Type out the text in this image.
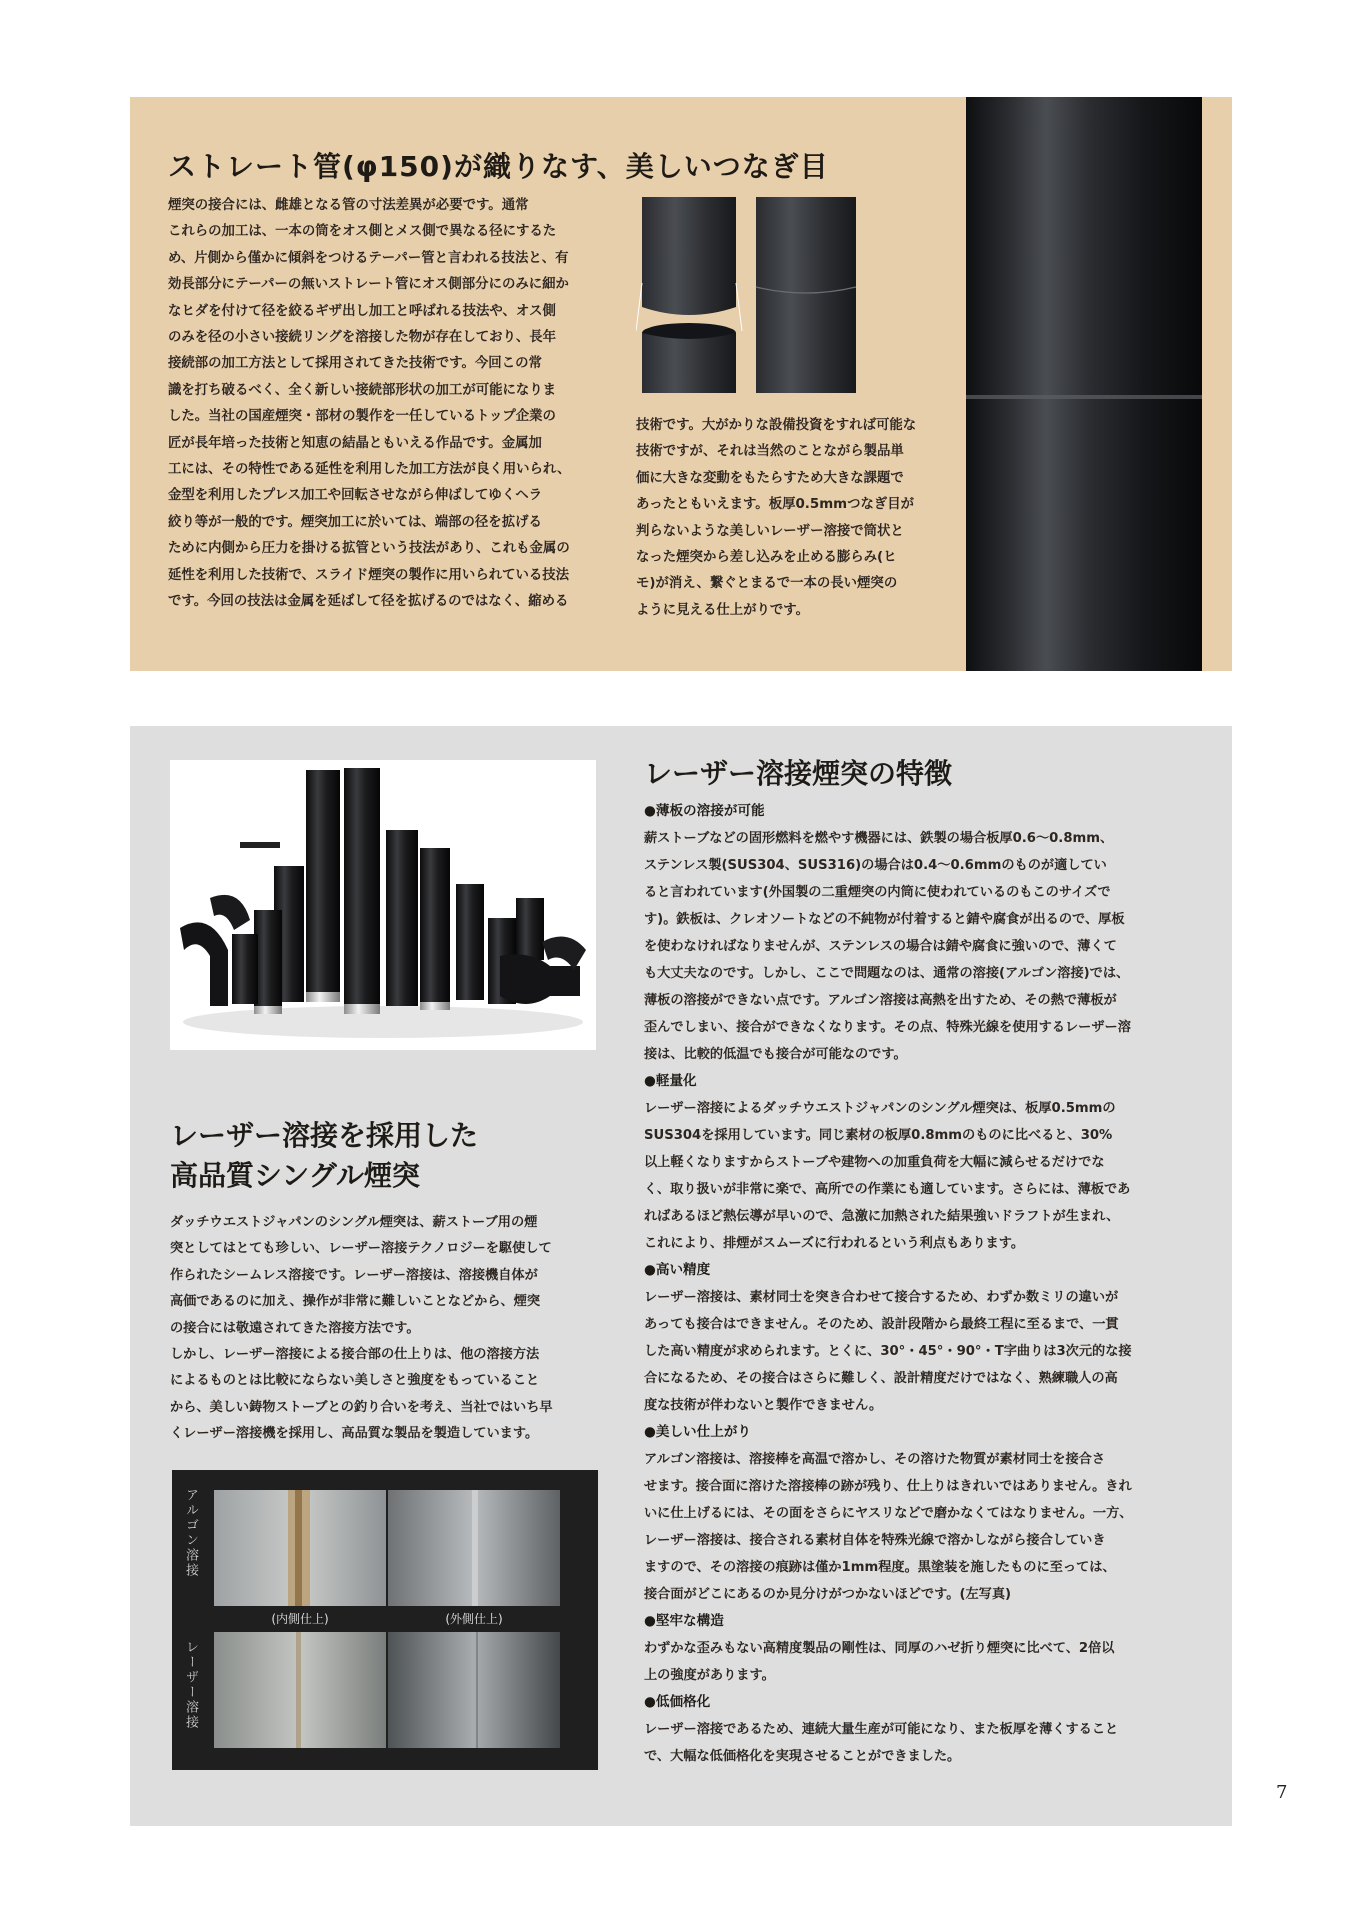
ストレート管(φ150)が織りなす、美しいつなぎ目

煙突の接合には、雌雄となる管の寸法差異が必要です。通常
これらの加工は、一本の筒をオス側とメス側で異なる径にするた
め、片側から僅かに傾斜をつけるテーパー管と言われる技法と、有
効長部分にテーパーの無いストレート管にオス側部分にのみに細か
なヒダを付けて径を絞るギザ出し加工と呼ばれる技法や、オス側
のみを径の小さい接続リングを溶接した物が存在しており、長年
接続部の加工方法として採用されてきた技術です。今回この常
識を打ち破るべく、全く新しい接続部形状の加工が可能になりま
した。当社の国産煙突・部材の製作を一任しているトップ企業の
匠が長年培った技術と知恵の結晶ともいえる作品です。金属加
工には、その特性である延性を利用した加工方法が良く用いられ、
金型を利用したプレス加工や回転させながら伸ばしてゆくヘラ
絞り等が一般的です。煙突加工に於いては、端部の径を拡げる
ために内側から圧力を掛ける拡管という技法があり、これも金属の
延性を利用した技術で、スライド煙突の製作に用いられている技法
です。今回の技法は金属を延ばして径を拡げるのではなく、縮める

技術です。大がかりな設備投資をすれば可能な
技術ですが、それは当然のことながら製品単
価に大きな変動をもたらすため大きな課題で
あったともいえます。板厚0.5mmつなぎ目が
判らないような美しいレーザー溶接で筒状と
なった煙突から差し込みを止める膨らみ(ヒ
モ)が消え、繋ぐとまるで一本の長い煙突の
ように見える仕上がりです。

レーザー溶接を採用した
高品質シングル煙突

ダッチウエストジャパンのシングル煙突は、薪ストーブ用の煙
突としてはとても珍しい、レーザー溶接テクノロジーを駆使して
作られたシームレス溶接です。レーザー溶接は、溶接機自体が
高価であるのに加え、操作が非常に難しいことなどから、煙突
の接合には敬遠されてきた溶接方法です。
しかし、レーザー溶接による接合部の仕上りは、他の溶接方法
によるものとは比較にならない美しさと強度をもっていること
から、美しい鋳物ストーブとの釣り合いを考え、当社ではいち早
くレーザー溶接機を採用し、高品質な製品を製造しています。

アルゴン溶接
レーザー溶接
(内側仕上)	(外側仕上)
レーザー溶接煙突の特徴
●薄板の溶接が可能
薪ストーブなどの固形燃料を燃やす機器には、鉄製の場合板厚0.6〜0.8mm、
ステンレス製(SUS304、SUS316)の場合は0.4〜0.6mmのものが適してい
ると言われています(外国製の二重煙突の内筒に使われているのもこのサイズで
す)。鉄板は、クレオソートなどの不純物が付着すると錆や腐食が出るので、厚板
を使わなければなりませんが、ステンレスの場合は錆や腐食に強いので、薄くて
も大丈夫なのです。しかし、ここで問題なのは、通常の溶接(アルゴン溶接)では、
薄板の溶接ができない点です。アルゴン溶接は高熱を出すため、その熱で薄板が
歪んでしまい、接合ができなくなります。その点、特殊光線を使用するレーザー溶
接は、比較的低温でも接合が可能なのです。
●軽量化
レーザー溶接によるダッチウエストジャパンのシングル煙突は、板厚0.5mmの
SUS304を採用しています。同じ素材の板厚0.8mmのものに比べると、30%
以上軽くなりますからストーブや建物への加重負荷を大幅に減らせるだけでな
く、取り扱いが非常に楽で、高所での作業にも適しています。さらには、薄板であ
ればあるほど熱伝導が早いので、急激に加熱された結果強いドラフトが生まれ、
これにより、排煙がスムーズに行われるという利点もあります。
●高い精度
レーザー溶接は、素材同士を突き合わせて接合するため、わずか数ミリの違いが
あっても接合はできません。そのため、設計段階から最終工程に至るまで、一貫
した高い精度が求められます。とくに、30°・45°・90°・T字曲りは3次元的な接
合になるため、その接合はさらに難しく、設計精度だけではなく、熟練職人の高
度な技術が伴わないと製作できません。
●美しい仕上がり
アルゴン溶接は、溶接棒を高温で溶かし、その溶けた物質が素材同士を接合さ
せます。接合面に溶けた溶接棒の跡が残り、仕上りはきれいではありません。きれ
いに仕上げるには、その面をさらにヤスリなどで磨かなくてはなりません。一方、
レーザー溶接は、接合される素材自体を特殊光線で溶かしながら接合していき
ますので、その溶接の痕跡は僅か1mm程度。黒塗装を施したものに至っては、
接合面がどこにあるのか見分けがつかないほどです。(左写真)
●堅牢な構造
わずかな歪みもない高精度製品の剛性は、同厚のハゼ折り煙突に比べて、2倍以
上の強度があります。
●低価格化
レーザー溶接であるため、連続大量生産が可能になり、また板厚を薄くすること
で、大幅な低価格化を実現させることができました。
7
